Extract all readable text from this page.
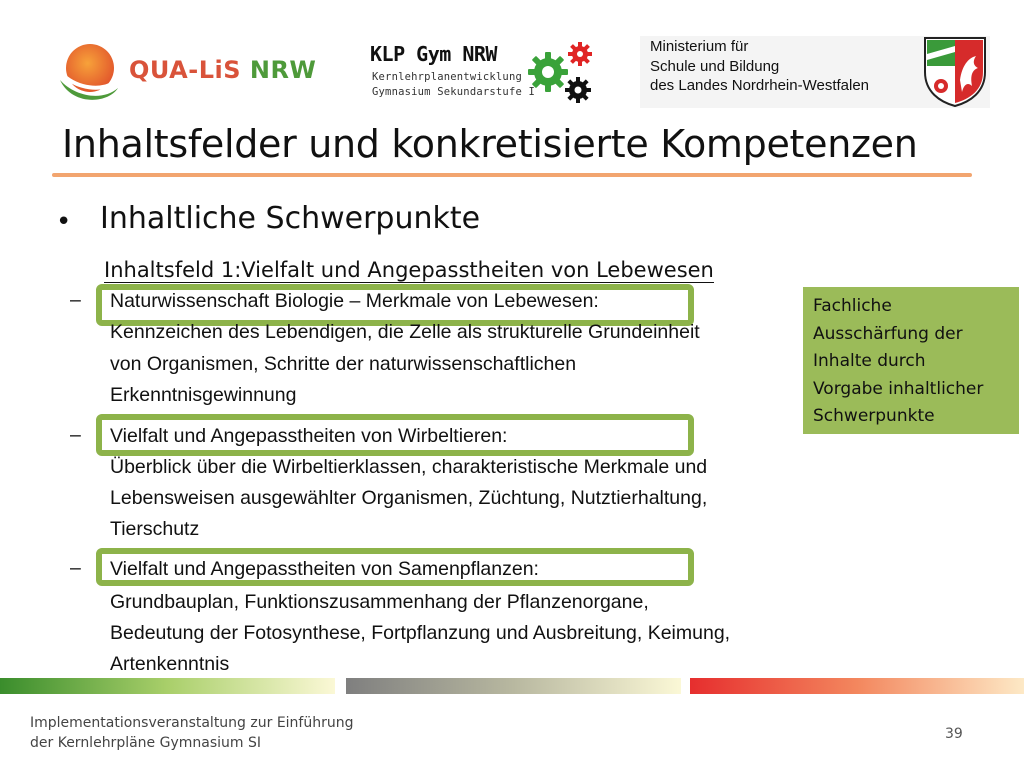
QUA-LiS NRW
KLP Gym NRW
Kernlehrplanentwicklung
Gymnasium Sekundarstufe I
Ministerium für
Schule und Bildung
des Landes Nordrhein-Westfalen
Inhaltsfelder und konkretisierte Kompetenzen
• Inhaltliche Schwerpunkte
Inhaltsfeld 1:Vielfalt und Angepasstheiten von Lebewesen
– Naturwissenschaft Biologie – Merkmale von Lebewesen:
Kennzeichen des Lebendigen, die Zelle als strukturelle Grundeinheit
von Organismen, Schritte der naturwissenschaftlichen
Erkenntnisgewinnung
– Vielfalt und Angepasstheiten von Wirbeltieren:
Überblick über die Wirbeltierklassen, charakteristische Merkmale und
Lebensweisen ausgewählter Organismen, Züchtung, Nutztierhaltung,
Tierschutz
– Vielfalt und Angepasstheiten von Samenpflanzen:
Grundbauplan, Funktionszusammenhang der Pflanzenorgane,
Bedeutung der Fotosynthese, Fortpflanzung und Ausbreitung, Keimung,
Artenkenntnis
Fachliche
Ausschärfung der
Inhalte durch
Vorgabe inhaltlicher
Schwerpunkte
Implementationsveranstaltung zur Einführung
der Kernlehrpläne Gymnasium SI
39
